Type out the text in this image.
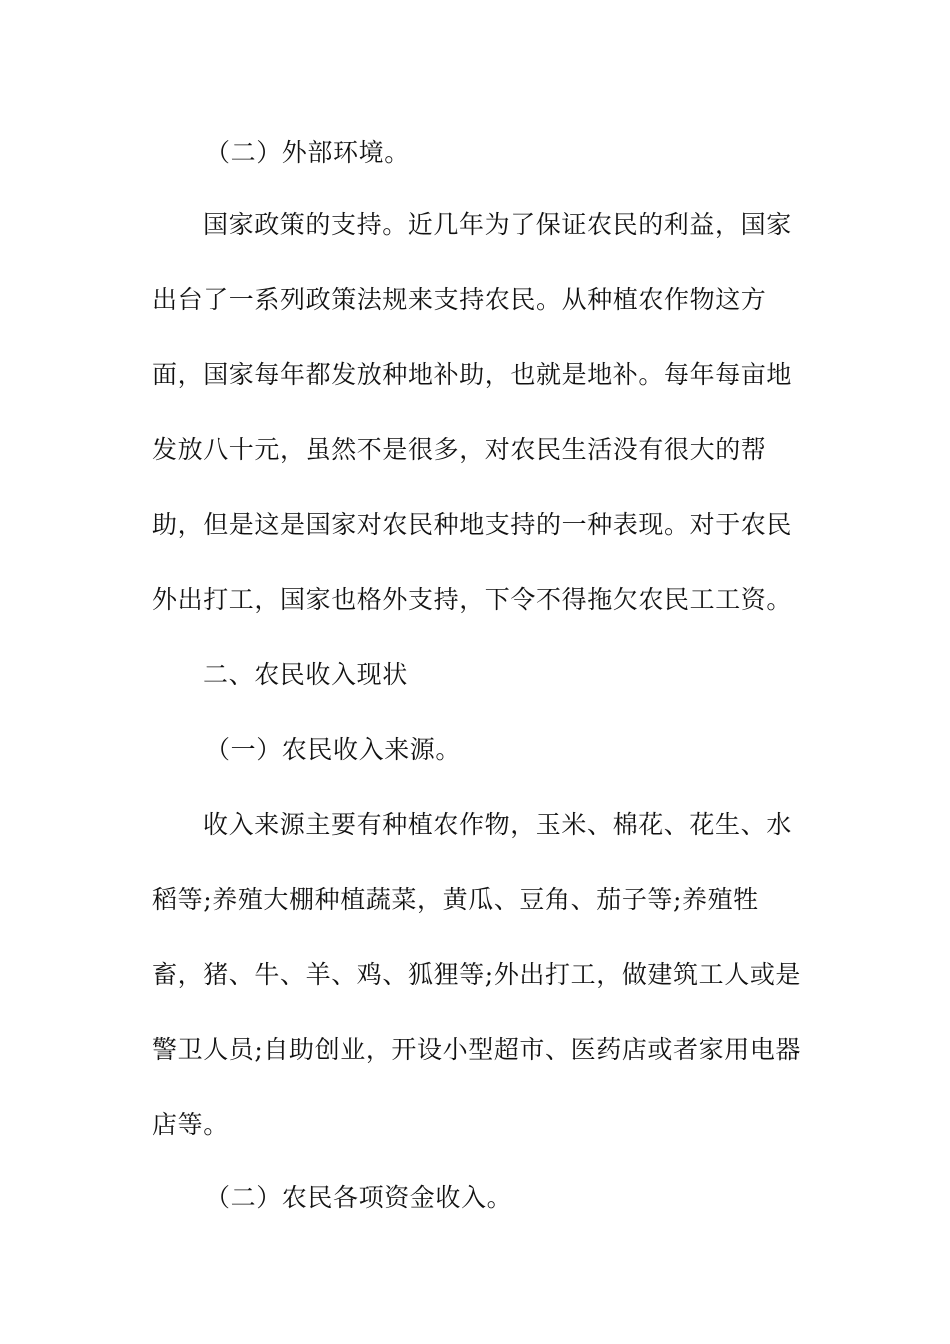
（二）外部环境。
国家政策的支持。近几年为了保证农民的利益，国家
出台了一系列政策法规来支持农民。从种植农作物这方
面，国家每年都发放种地补助，也就是地补。每年每亩地
发放八十元，虽然不是很多，对农民生活没有很大的帮
助，但是这是国家对农民种地支持的一种表现。对于农民
外出打工，国家也格外支持，下令不得拖欠农民工工资。
二、农民收入现状
（一）农民收入来源。
收入来源主要有种植农作物，玉米、棉花、花生、水
稻等;养殖大棚种植蔬菜，黄瓜、豆角、茄子等;养殖牲
畜，猪、牛、羊、鸡、狐狸等;外出打工，做建筑工人或是
警卫人员;自助创业，开设小型超市、医药店或者家用电器
店等。
（二）农民各项资金收入。
